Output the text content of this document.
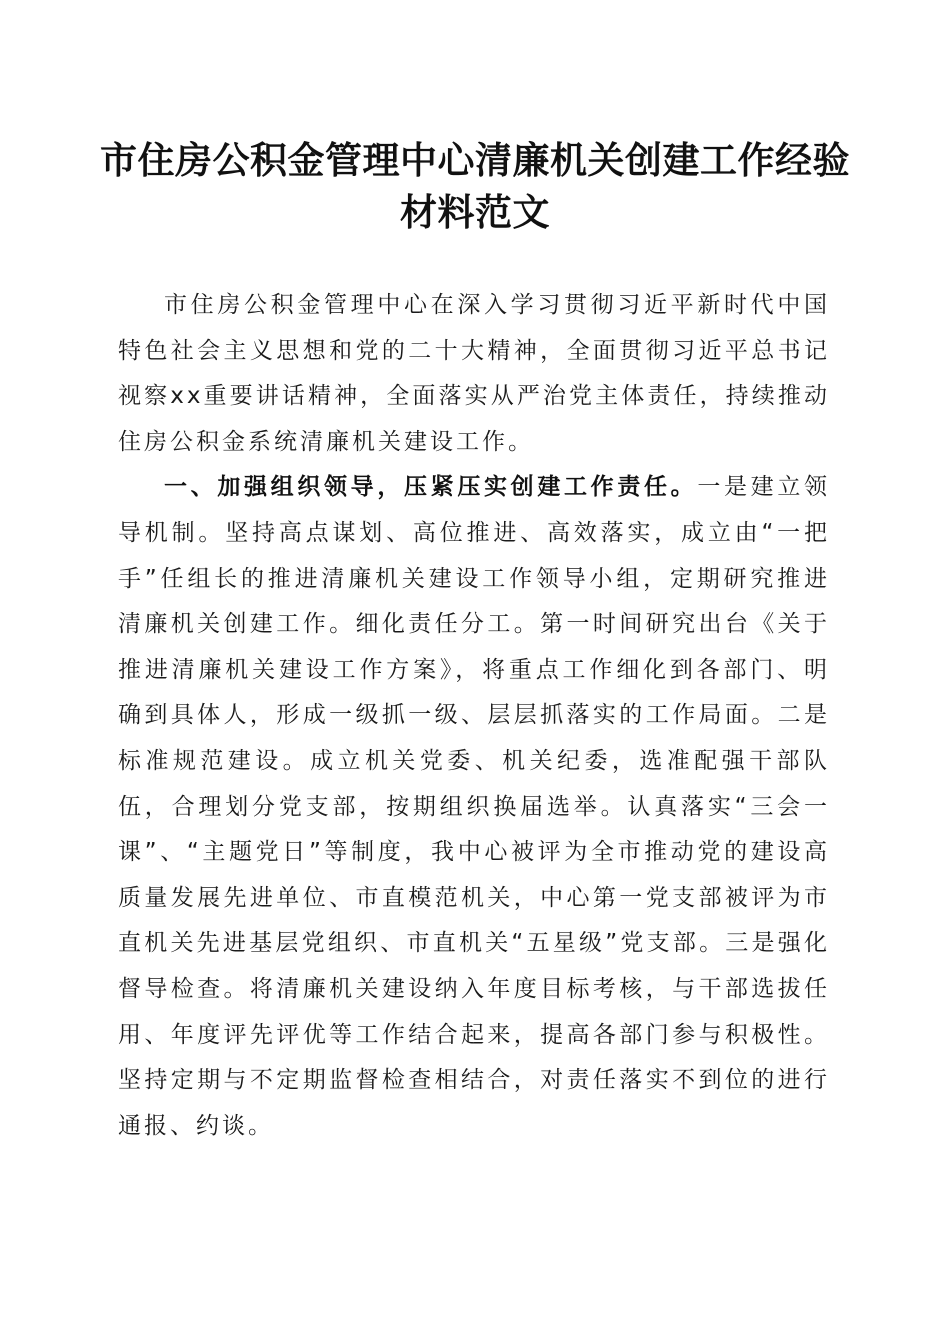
市住房公积金管理中心清廉机关创建工作经验材料范文

市住房公积金管理中心在深入学习贯彻习近平新时代中国特色社会主义思想和党的二十大精神，全面贯彻习近平总书记视察xx重要讲话精神，全面落实从严治党主体责任，持续推动住房公积金系统清廉机关建设工作。

一、加强组织领导，压紧压实创建工作责任。一是建立领导机制。坚持高点谋划、高位推进、高效落实，成立由“一把手”任组长的推进清廉机关建设工作领导小组，定期研究推进清廉机关创建工作。细化责任分工。第一时间研究出台《关于推进清廉机关建设工作方案》，将重点工作细化到各部门、明确到具体人，形成一级抓一级、层层抓落实的工作局面。二是标准规范建设。成立机关党委、机关纪委，选准配强干部队伍，合理划分党支部，按期组织换届选举。认真落实“三会一课”、“主题党日”等制度，我中心被评为全市推动党的建设高质量发展先进单位、市直模范机关，中心第一党支部被评为市直机关先进基层党组织、市直机关“五星级”党支部。三是强化督导检查。将清廉机关建设纳入年度目标考核，与干部选拔任用、年度评先评优等工作结合起来，提高各部门参与积极性。坚持定期与不定期监督检查相结合，对责任落实不到位的进行通报、约谈。
